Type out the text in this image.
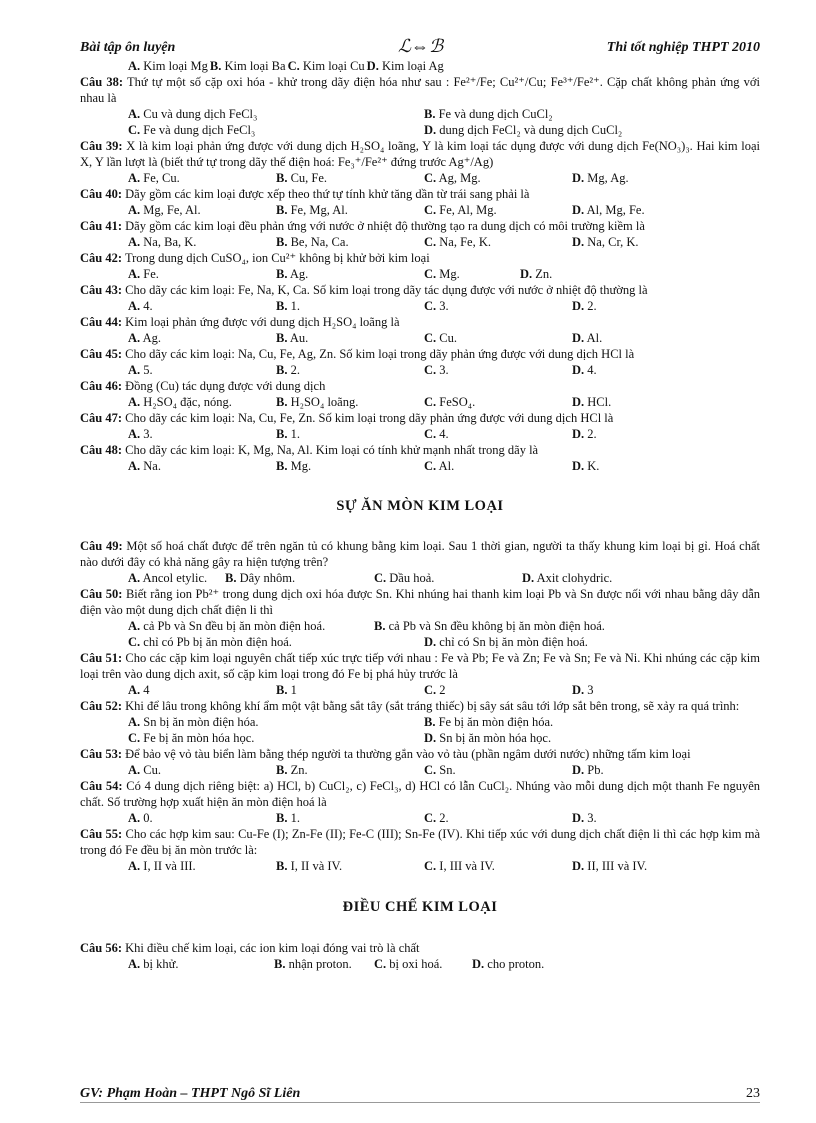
Bài tập ôn luyện	ℒ⇔ℬ	Thi tốt nghiệp THPT 2010
A. Kim loại Mg B. Kim loại Ba C. Kim loại Cu D. Kim loại Ag

Câu 38: Thứ tự một số cặp oxi hóa - khử trong dãy điện hóa như sau : Fe²⁺/Fe; Cu²⁺/Cu; Fe³⁺/Fe²⁺. Cặp chất không phản ứng với nhau là

A. Cu và dung dịch FeCl₃	B. Fe và dung dịch CuCl₂
C. Fe và dung dịch FeCl₃	D. dung dịch FeCl₂ và dung dịch CuCl₂

Câu 39: X là kim loại phản ứng được với dung dịch H₂SO₄ loãng, Y là kim loại tác dụng được với dung dịch Fe(NO₃)₃. Hai kim loại X, Y lần lượt là (biết thứ tự trong dãy thế điện hoá: Fe₃⁺/Fe²⁺ đứng trước Ag⁺/Ag)

A. Fe, Cu.	B. Cu, Fe.	C. Ag, Mg.	D. Mg, Ag.

Câu 40: Dãy gồm các kim loại được xếp theo thứ tự tính khử tăng dần từ trái sang phải là

A. Mg, Fe, Al.	B. Fe, Mg, Al.	C. Fe, Al, Mg.	D. Al, Mg, Fe.

Câu 41: Dãy gồm các kim loại đều phản ứng với nước ở nhiệt độ thường tạo ra dung dịch có môi trường kiềm là

A. Na, Ba, K.	B. Be, Na, Ca.	C. Na, Fe, K.	D. Na, Cr, K.

Câu 42: Trong dung dịch CuSO₄, ion Cu²⁺ không bị khử bởi kim loại

A. Fe.	B. Ag.	C. Mg.	D. Zn.

Câu 43: Cho dãy các kim loại: Fe, Na, K, Ca. Số kim loại trong dãy tác dụng được với nước ở nhiệt độ thường là

A. 4.	B. 1.	C. 3.	D. 2.

Câu 44: Kim loại phản ứng được với dung dịch H₂SO₄ loãng là

A. Ag.	B. Au.	C. Cu.	D. Al.

Câu 45: Cho dãy các kim loại: Na, Cu, Fe, Ag, Zn. Số kim loại trong dãy phản ứng được với dung dịch HCl là

A. 5.	B. 2.	C. 3.	D. 4.

Câu 46: Đồng (Cu) tác dụng được với dung dịch

A. H₂SO₄ đặc, nóng.	B. H₂SO₄ loãng.	C. FeSO₄.	D. HCl.

Câu 47: Cho dãy các kim loại: Na, Cu, Fe, Zn. Số kim loại trong dãy phản ứng được với dung dịch HCl là

A. 3.	B. 1.	C. 4.	D. 2.

Câu 48: Cho dãy các kim loại: K, Mg, Na, Al. Kim loại có tính khử mạnh nhất trong dãy là

A. Na.	B. Mg.	C. Al.	D. K.
SỰ ĂN MÒN KIM LOẠI

Câu 49: Một số hoá chất được để trên ngăn tủ có khung bằng kim loại. Sau 1 thời gian, người ta thấy khung kim loại bị gỉ. Hoá chất nào dưới đây có khả năng gây ra hiện tượng trên?

A. Ancol etylic. B. Dây nhôm.	C. Dầu hoả.	D. Axit clohydric.

Câu 50: Biết rằng ion Pb²⁺ trong dung dịch oxi hóa được Sn. Khi nhúng hai thanh kim loại Pb và Sn được nối với nhau bằng dây dẫn điện vào một dung dịch chất điện li thì

A. cả Pb và Sn đều bị ăn mòn điện hoá.	B. cả Pb và Sn đều không bị ăn mòn điện hoá.
C. chỉ có Pb bị ăn mòn điện hoá.	D. chỉ có Sn bị ăn mòn điện hoá.

Câu 51: Cho các cặp kim loại nguyên chất tiếp xúc trực tiếp với nhau : Fe và Pb; Fe và Zn; Fe và Sn; Fe và Ni. Khi nhúng các cặp kim loại trên vào dung dịch axit, số cặp kim loại trong đó Fe bị phá hủy trước là

A. 4	B. 1	C. 2	D. 3

Câu 52: Khi để lâu trong không khí ẩm một vật bằng sắt tây (sắt tráng thiếc) bị sây sát sâu tới lớp sắt bên trong, sẽ xảy ra quá trình:

A. Sn bị ăn mòn điện hóa.	B. Fe bị ăn mòn điện hóa.
C. Fe bị ăn mòn hóa học.	D. Sn bị ăn mòn hóa học.

Câu 53: Để bảo vệ vỏ tàu biển làm bằng thép người ta thường gắn vào vỏ tàu (phần ngâm dưới nước) những tấm kim loại

A. Cu.	B. Zn.	C. Sn.	D. Pb.

Câu 54: Có 4 dung dịch riêng biệt: a) HCl, b) CuCl₂, c) FeCl₃, d) HCl có lẫn CuCl₂. Nhúng vào mỗi dung dịch một thanh Fe nguyên chất. Số trường hợp xuất hiện ăn mòn điện hoá là

A. 0.	B. 1.	C. 2.	D. 3.

Câu 55: Cho các hợp kim sau: Cu-Fe (I); Zn-Fe (II); Fe-C (III); Sn-Fe (IV). Khi tiếp xúc với dung dịch chất điện li thì các hợp kim mà trong đó Fe đều bị ăn mòn trước là:

A. I, II và III.	B. I, II và IV.	C. I, III và IV.	D. II, III và IV.
ĐIỀU CHẾ KIM LOẠI

Câu 56: Khi điều chế kim loại, các ion kim loại đóng vai trò là chất

A. bị khử.	B. nhận proton. C. bị oxi hoá. D. cho proton.
GV: Phạm Hoàn – THPT Ngô Sĩ Liên	23
